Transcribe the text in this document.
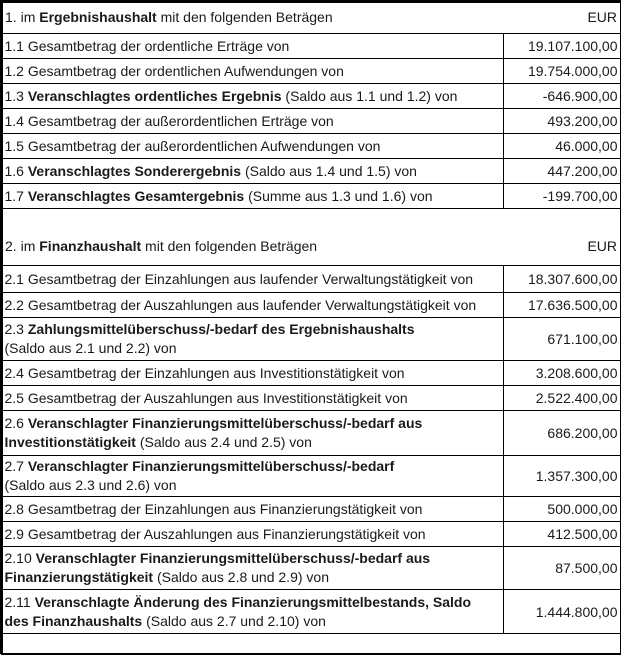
1. im Ergebnishaushalt mit den folgenden Beträgen	EUR
1.1 Gesamtbetrag der ordentliche Erträge von	19.107.100,00
1.2 Gesamtbetrag der ordentlichen Aufwendungen von	19.754.000,00
1.3 Veranschlagtes ordentliches Ergebnis (Saldo aus 1.1 und 1.2) von	-646.900,00
1.4 Gesamtbetrag der außerordentlichen Erträge von	493.200,00
1.5 Gesamtbetrag der außerordentlichen Aufwendungen von	46.000,00
1.6 Veranschlagtes Sonderergebnis (Saldo aus 1.4 und 1.5) von	447.200,00
1.7 Veranschlagtes Gesamtergebnis (Summe aus 1.3 und 1.6) von	-199.700,00
2. im Finanzhaushalt mit den folgenden Beträgen	EUR
2.1 Gesamtbetrag der Einzahlungen aus laufender Verwaltungstätigkeit von	18.307.600,00
2.2 Gesamtbetrag der Auszahlungen aus laufender Verwaltungstätigkeit von	17.636.500,00
2.3 Zahlungsmittelüberschuss/-bedarf des Ergebnishaushalts
(Saldo aus 2.1 und 2.2) von	671.100,00
2.4 Gesamtbetrag der Einzahlungen aus Investitionstätigkeit von	3.208.600,00
2.5 Gesamtbetrag der Auszahlungen aus Investitionstätigkeit von	2.522.400,00
2.6 Veranschlagter Finanzierungsmittelüberschuss/-bedarf aus Investitionstätigkeit (Saldo aus 2.4 und 2.5) von	686.200,00
2.7 Veranschlagter Finanzierungsmittelüberschuss/-bedarf
(Saldo aus 2.3 und 2.6) von	1.357.300,00
2.8 Gesamtbetrag der Einzahlungen aus Finanzierungstätigkeit von	500.000,00
2.9 Gesamtbetrag der Auszahlungen aus Finanzierungstätigkeit von	412.500,00
2.10 Veranschlagter Finanzierungsmittelüberschuss/-bedarf aus Finanzierungstätigkeit (Saldo aus 2.8 und 2.9) von	87.500,00
2.11 Veranschlagte Änderung des Finanzierungsmittelbestands, Saldo des Finanzhaushalts (Saldo aus 2.7 und 2.10) von	1.444.800,00
